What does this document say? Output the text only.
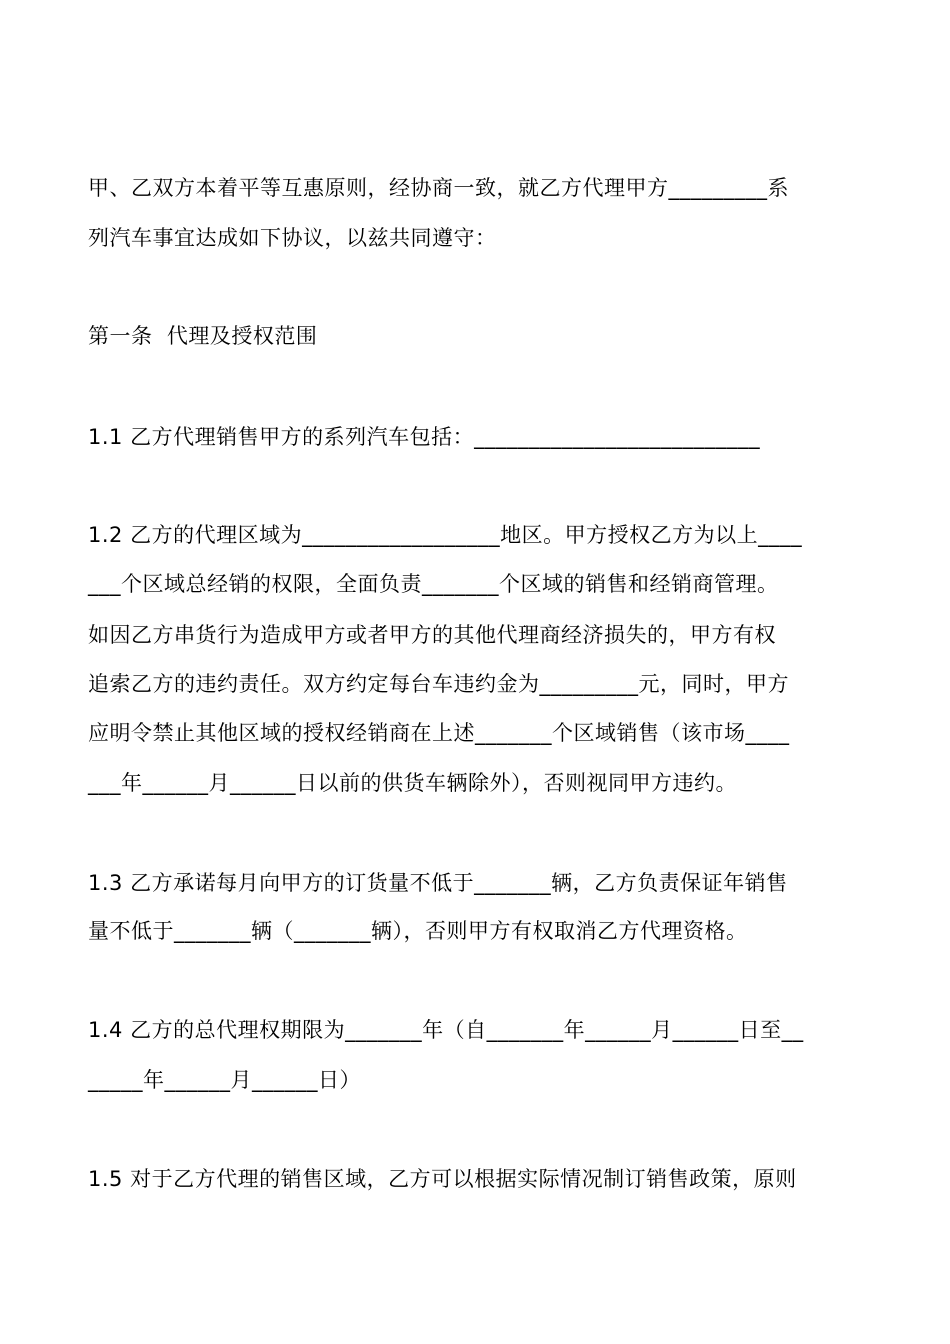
甲、乙双方本着平等互惠原则，经协商一致，就乙方代理甲方_________系
列汽车事宜达成如下协议，以兹共同遵守：
第一条  代理及授权范围
1.1 乙方代理销售甲方的系列汽车包括：__________________________
1.2 乙方的代理区域为__________________地区。甲方授权乙方为以上____
___个区域总经销的权限，全面负责_______个区域的销售和经销商管理。
如因乙方串货行为造成甲方或者甲方的其他代理商经济损失的，甲方有权
追索乙方的违约责任。双方约定每台车违约金为_________元，同时，甲方
应明令禁止其他区域的授权经销商在上述_______个区域销售（该市场____
___年______月______日以前的供货车辆除外），否则视同甲方违约。
1.3 乙方承诺每月向甲方的订货量不低于_______辆，乙方负责保证年销售
量不低于_______辆（_______辆），否则甲方有权取消乙方代理资格。
1.4 乙方的总代理权期限为_______年（自_______年______月______日至__
_____年______月______日）
1.5 对于乙方代理的销售区域，乙方可以根据实际情况制订销售政策，原则
